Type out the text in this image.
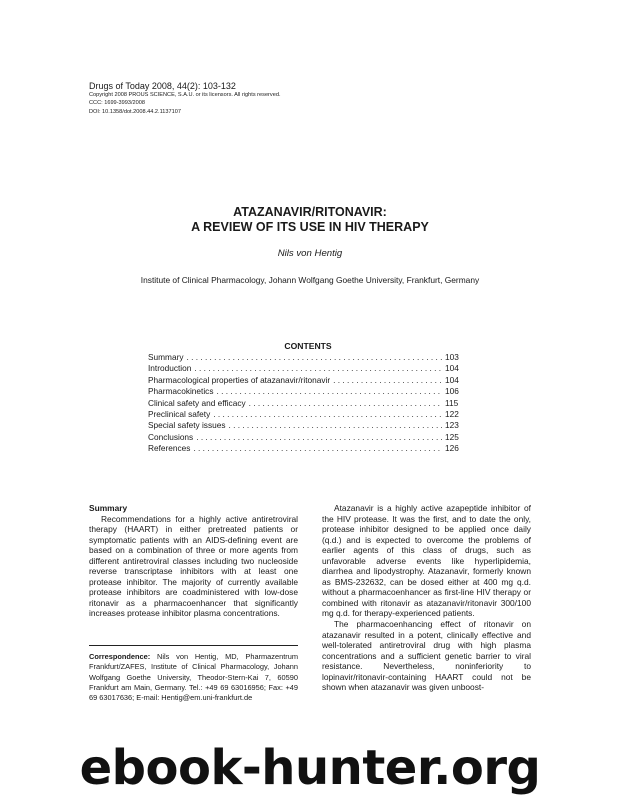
Drugs of Today 2008, 44(2): 103-132
Copyright 2008 PROUS SCIENCE, S.A.U. or its licensors. All rights reserved.
CCC: 1699-3993/2008
DOI: 10.1358/dot.2008.44.2.1137107
ATAZANAVIR/RITONAVIR:
A REVIEW OF ITS USE IN HIV THERAPY
Nils von Hentig
Institute of Clinical Pharmacology, Johann Wolfgang Goethe University, Frankfurt, Germany
CONTENTS
Summary . . .	103
Introduction . . .	104
Pharmacological properties of atazanavir/ritonavir . . .	104
Pharmacokinetics . . .	106
Clinical safety and efficacy . . .	115
Preclinical safety . . .	122
Special safety issues . . .	123
Conclusions . . .	125
References . . .	126

Summary

Recommendations for a highly active antiretroviral therapy (HAART) in either pretreated patients or symptomatic patients with an AIDS-defining event are based on a combination of three or more agents from different antiretroviral classes including two nucleoside reverse transcriptase inhibitors with at least one protease inhibitor. The majority of currently available protease inhibitors are coadministered with low-dose ritonavir as a pharmacoenhancer that significantly increases protease inhibitor plasma concentrations.

Correspondence: Nils von Hentig, MD, Pharmazentrum Frankfurt/ZAFES, Institute of Clinical Pharmacology, Johann Wolfgang Goethe University, Theodor-Stern-Kai 7, 60590 Frankfurt am Main, Germany. Tel.: +49 69 63016956; Fax: +49 69 63017636; E-mail: Hentig@em.uni-frankfurt.de

Atazanavir is a highly active azapeptide inhibitor of the HIV protease. It was the first, and to date the only, protease inhibitor designed to be applied once daily (q.d.) and is expected to overcome the problems of earlier agents of this class of drugs, such as unfavorable adverse events like hyperlipidemia, diarrhea and lipodystrophy. Atazanavir, formerly known as BMS-232632, can be dosed either at 400 mg q.d. without a pharmacoenhancer as first-line HIV therapy or combined with ritonavir as atazanavir/ritonavir 300/100 mg q.d. for therapy-experienced patients.

The pharmacoenhancing effect of ritonavir on atazanavir resulted in a potent, clinically effective and well-tolerated antiretroviral drug with high plasma concentrations and a sufficient genetic barrier to viral resistance. Nevertheless, noninferiority to lopinavir/ritonavir-containing HAART could not be shown when atazanavir was given unboost-

ebook-hunter.org
